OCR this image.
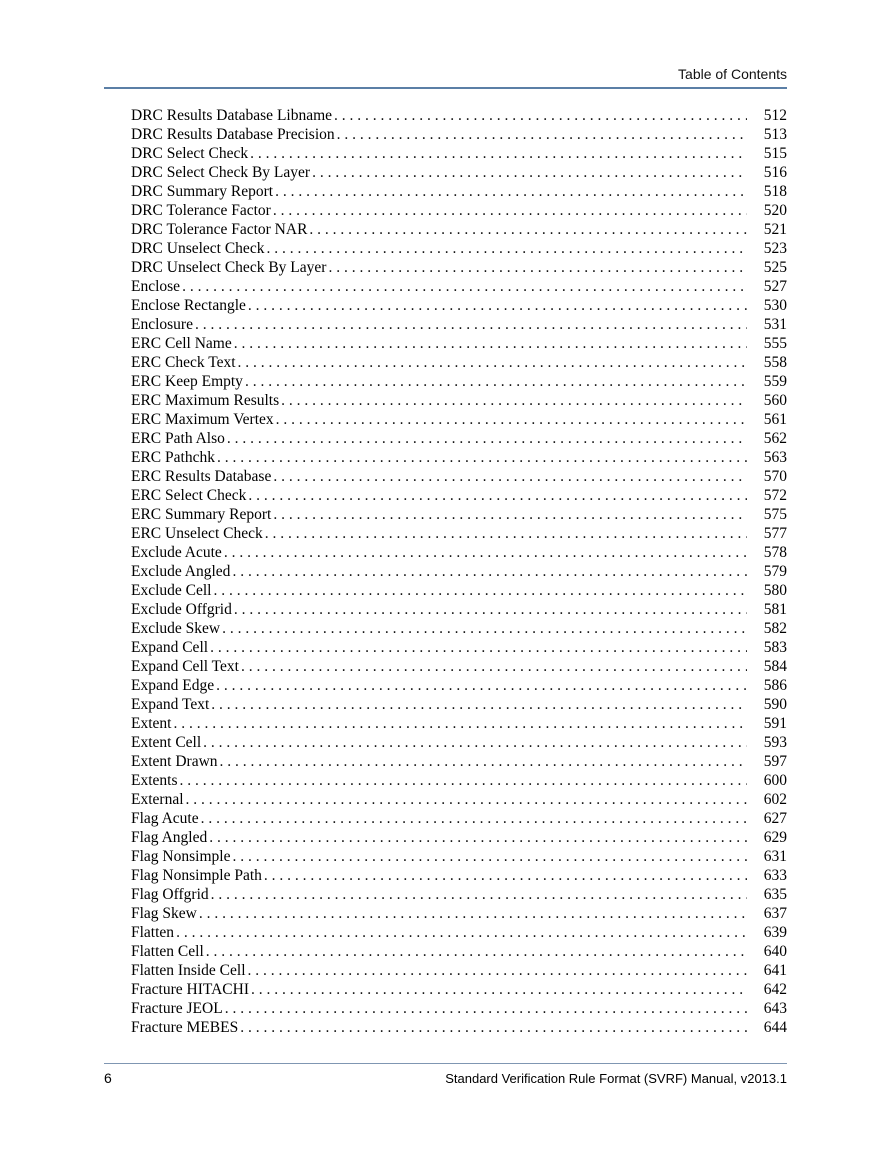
Table of Contents
DRC Results Database Libname . . .	512
DRC Results Database Precision . . .	513
DRC Select Check . . .	515
DRC Select Check By Layer . . .	516
DRC Summary Report . . .	518
DRC Tolerance Factor . . .	520
DRC Tolerance Factor NAR . . .	521
DRC Unselect Check . . .	523
DRC Unselect Check By Layer . . .	525
Enclose . . .	527
Enclose Rectangle . . .	530
Enclosure . . .	531
ERC Cell Name . . .	555
ERC Check Text . . .	558
ERC Keep Empty . . .	559
ERC Maximum Results . . .	560
ERC Maximum Vertex . . .	561
ERC Path Also . . .	562
ERC Pathchk . . .	563
ERC Results Database . . .	570
ERC Select Check . . .	572
ERC Summary Report . . .	575
ERC Unselect Check . . .	577
Exclude Acute . . .	578
Exclude Angled . . .	579
Exclude Cell . . .	580
Exclude Offgrid . . .	581
Exclude Skew . . .	582
Expand Cell . . .	583
Expand Cell Text . . .	584
Expand Edge . . .	586
Expand Text . . .	590
Extent . . .	591
Extent Cell . . .	593
Extent Drawn . . .	597
Extents . . .	600
External . . .	602
Flag Acute . . .	627
Flag Angled . . .	629
Flag Nonsimple . . .	631
Flag Nonsimple Path . . .	633
Flag Offgrid . . .	635
Flag Skew . . .	637
Flatten . . .	639
Flatten Cell . . .	640
Flatten Inside Cell . . .	641
Fracture HITACHI . . .	642
Fracture JEOL . . .	643
Fracture MEBES . . .	644
6	Standard Verification Rule Format (SVRF) Manual, v2013.1
